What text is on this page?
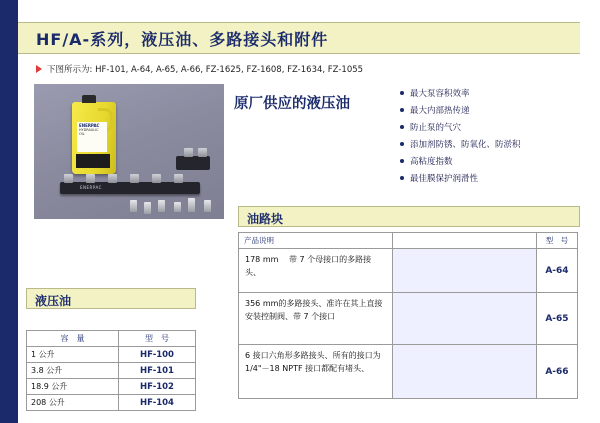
HF/A-系列，液压油、多路接头和附件
下图所示为: HF-101, A-64, A-65, A-66, FZ-1625, FZ-1608, FZ-1634, FZ-1055
ENERPAC
HYDRAULIC OIL
ENERPAC
原厂供应的液压油
最大泵容积效率
最大内部热传递
防止泵的气穴
添加剂防锈、防氧化、防淤积
高粘度指数
最佳膜保护润滑性
油路块
产品说明		型　号
178 mm 　带 7 个母接口的多路接头、		A-64
356 mm的多路接头、准许在其上直接安装控制阀、带 7 个接口		A-65
6 接口六角形多路接头、所有的接口为 1/4"－18 NPTF 接口都配有堵头、		A-66
液压油
容　量	型　号
1 公升	HF-100
3.8 公升	HF-101
18.9 公升	HF-102
208 公升	HF-104
